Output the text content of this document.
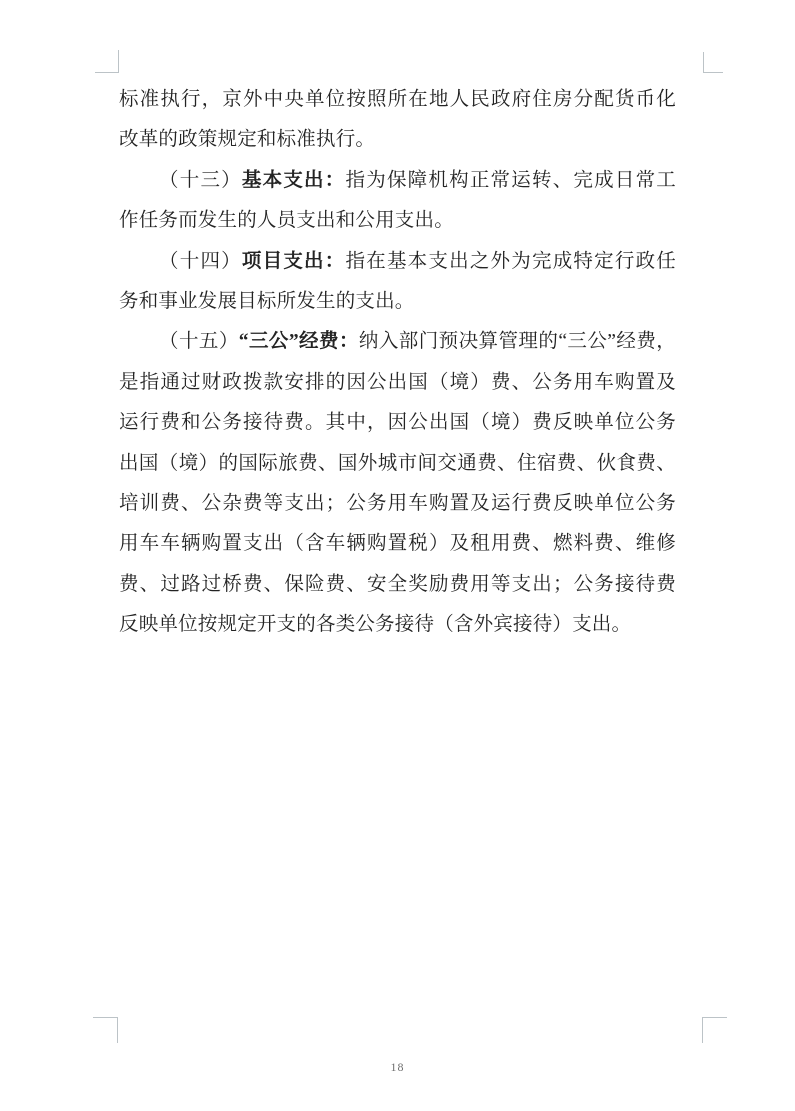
标准执行，京外中央单位按照所在地人民政府住房分配货币化
改革的政策规定和标准执行。
（十三）基本支出：指为保障机构正常运转、完成日常工
作任务而发生的人员支出和公用支出。
（十四）项目支出：指在基本支出之外为完成特定行政任
务和事业发展目标所发生的支出。
（十五）“三公”经费：纳入部门预决算管理的“三公”经费，
是指通过财政拨款安排的因公出国（境）费、公务用车购置及
运行费和公务接待费。其中，因公出国（境）费反映单位公务
出国（境）的国际旅费、国外城市间交通费、住宿费、伙食费、
培训费、公杂费等支出；公务用车购置及运行费反映单位公务
用车车辆购置支出（含车辆购置税）及租用费、燃料费、维修
费、过路过桥费、保险费、安全奖励费用等支出；公务接待费
反映单位按规定开支的各类公务接待（含外宾接待）支出。
18
